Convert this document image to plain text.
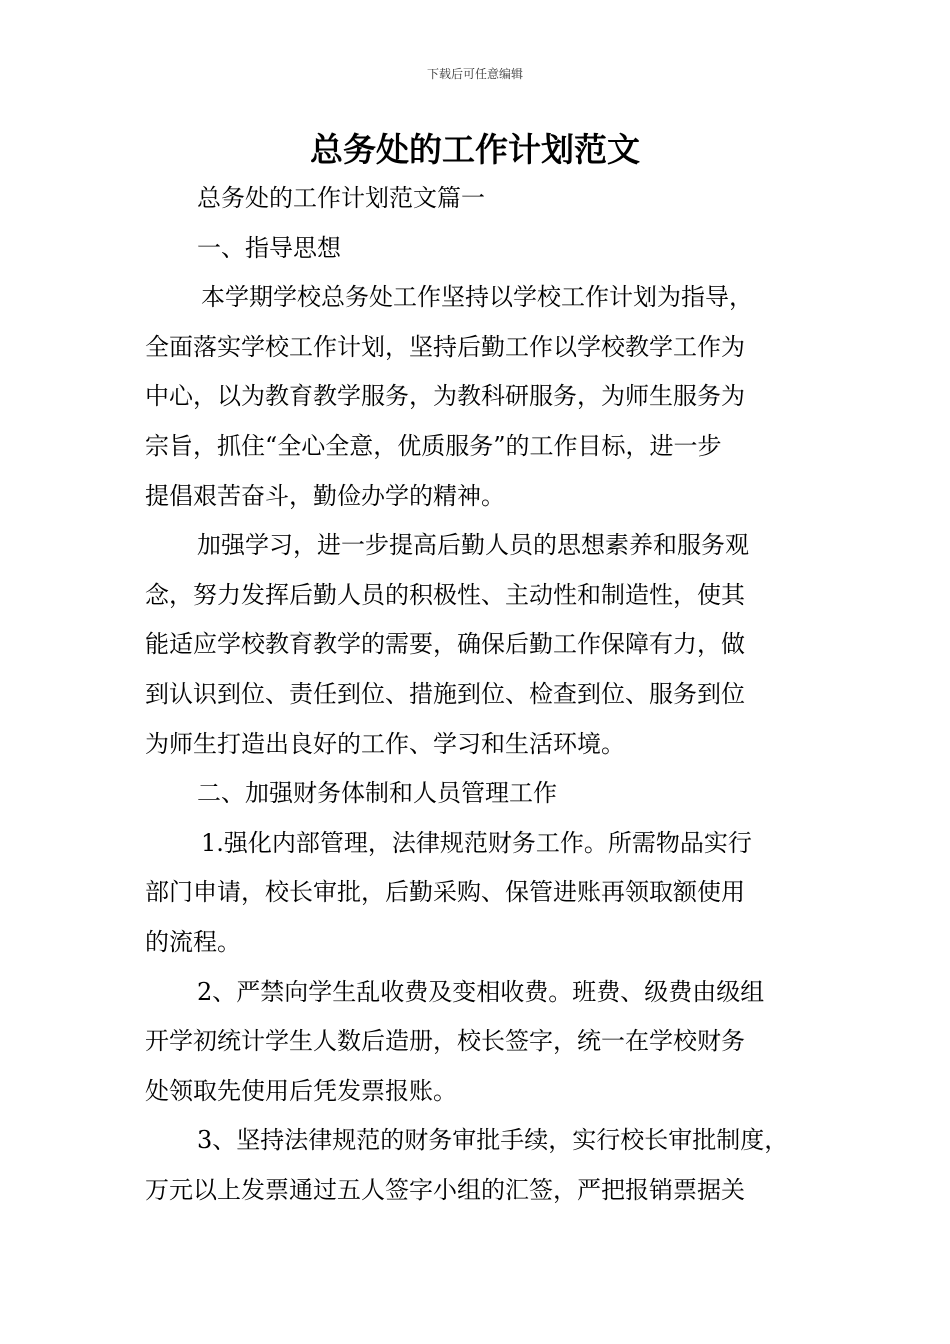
下载后可任意编辑
总务处的工作计划范文
总务处的工作计划范文篇一
一、指导思想
本学期学校总务处工作坚持以学校工作计划为指导，
全面落实学校工作计划，坚持后勤工作以学校教学工作为
中心，以为教育教学服务，为教科研服务，为师生服务为
宗旨，抓住“全心全意，优质服务”的工作目标，进一步
提倡艰苦奋斗，勤俭办学的精神。
加强学习，进一步提高后勤人员的思想素养和服务观
念，努力发挥后勤人员的积极性、主动性和制造性，使其
能适应学校教育教学的需要，确保后勤工作保障有力，做
到认识到位、责任到位、措施到位、检查到位、服务到位
为师生打造出良好的工作、学习和生活环境。
二、加强财务体制和人员管理工作
1.强化内部管理，法律规范财务工作。所需物品实行
部门申请，校长审批，后勤采购、保管进账再领取额使用
的流程。
2、严禁向学生乱收费及变相收费。班费、级费由级组
开学初统计学生人数后造册，校长签字，统一在学校财务
处领取先使用后凭发票报账。
3、坚持法律规范的财务审批手续，实行校长审批制度，
万元以上发票通过五人签字小组的汇签，严把报销票据关
